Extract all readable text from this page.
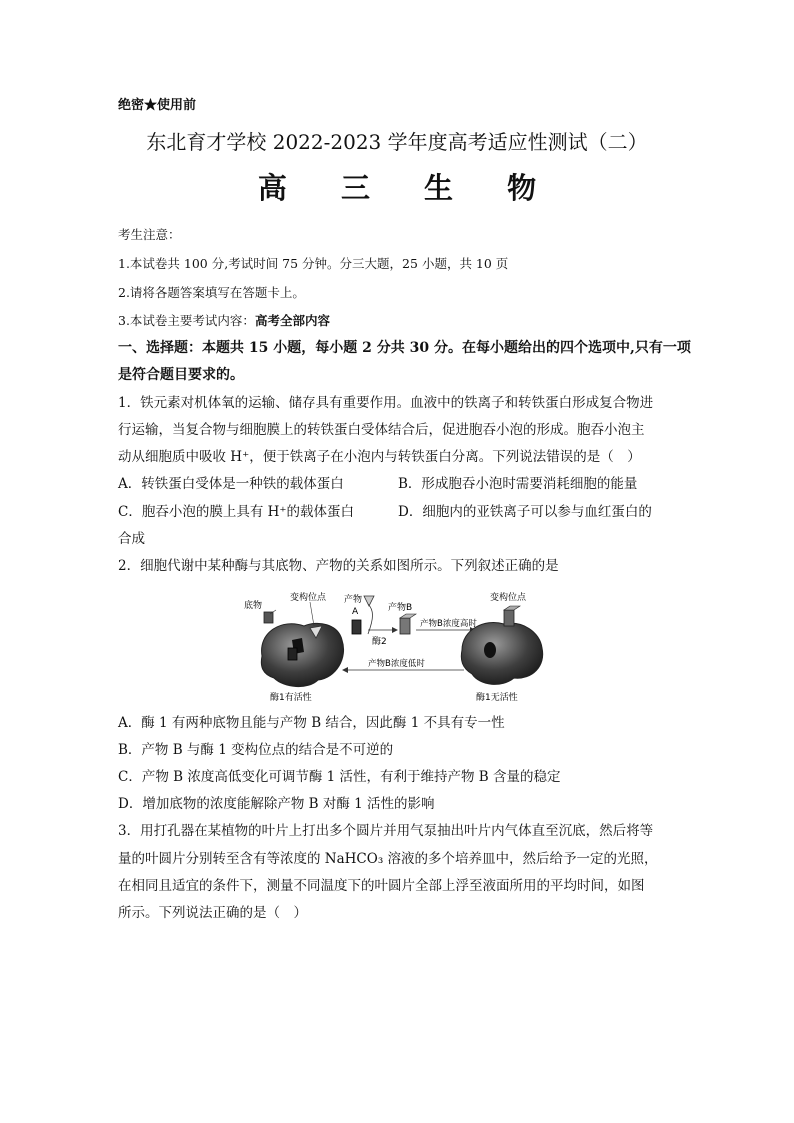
绝密★使用前
东北育才学校 2022-2023 学年度高考适应性测试（二）
高 三 生 物
考生注意：
1.本试卷共 100 分,考试时间 75 分钟。分三大题，25 小题，共 10 页
2.请将各题答案填写在答题卡上。
3.本试卷主要考试内容：高考全部内容
一、选择题：本题共 15 小题，每小题 2 分共 30 分。在每小题给出的四个选项中,只有一项
是符合题目要求的。
1．铁元素对机体氧的运输、储存具有重要作用。血液中的铁离子和转铁蛋白形成复合物进
行运输，当复合物与细胞膜上的转铁蛋白受体结合后，促进胞吞小泡的形成。胞吞小泡主
动从细胞质中吸收 H⁺，便于铁离子在小泡内与转铁蛋白分离。下列说法错误的是（　）
A．转铁蛋白受体是一种铁的载体蛋白	B．形成胞吞小泡时需要消耗细胞的能量
C．胞吞小泡的膜上具有 H⁺的载体蛋白	D．细胞内的亚铁离子可以参与血红蛋白的
合成
2．细胞代谢中某种酶与其底物、产物的关系如图所示。下列叙述正确的是
底物
变构位点 产物
A
酶2
产物B
产物B浓度高时
产物B浓度低时
变构位点
酶1有活性	酶1无活性
A．酶 1 有两种底物且能与产物 B 结合，因此酶 1 不具有专一性
B．产物 B 与酶 1 变构位点的结合是不可逆的
C．产物 B 浓度高低变化可调节酶 1 活性，有利于维持产物 B 含量的稳定
D．增加底物的浓度能解除产物 B 对酶 1 活性的影响
3．用打孔器在某植物的叶片上打出多个圆片并用气泵抽出叶片内气体直至沉底，然后将等
量的叶圆片分别转至含有等浓度的 NaHCO₃ 溶液的多个培养皿中，然后给予一定的光照，
在相同且适宜的条件下，测量不同温度下的叶圆片全部上浮至液面所用的平均时间，如图
所示。下列说法正确的是（　）
